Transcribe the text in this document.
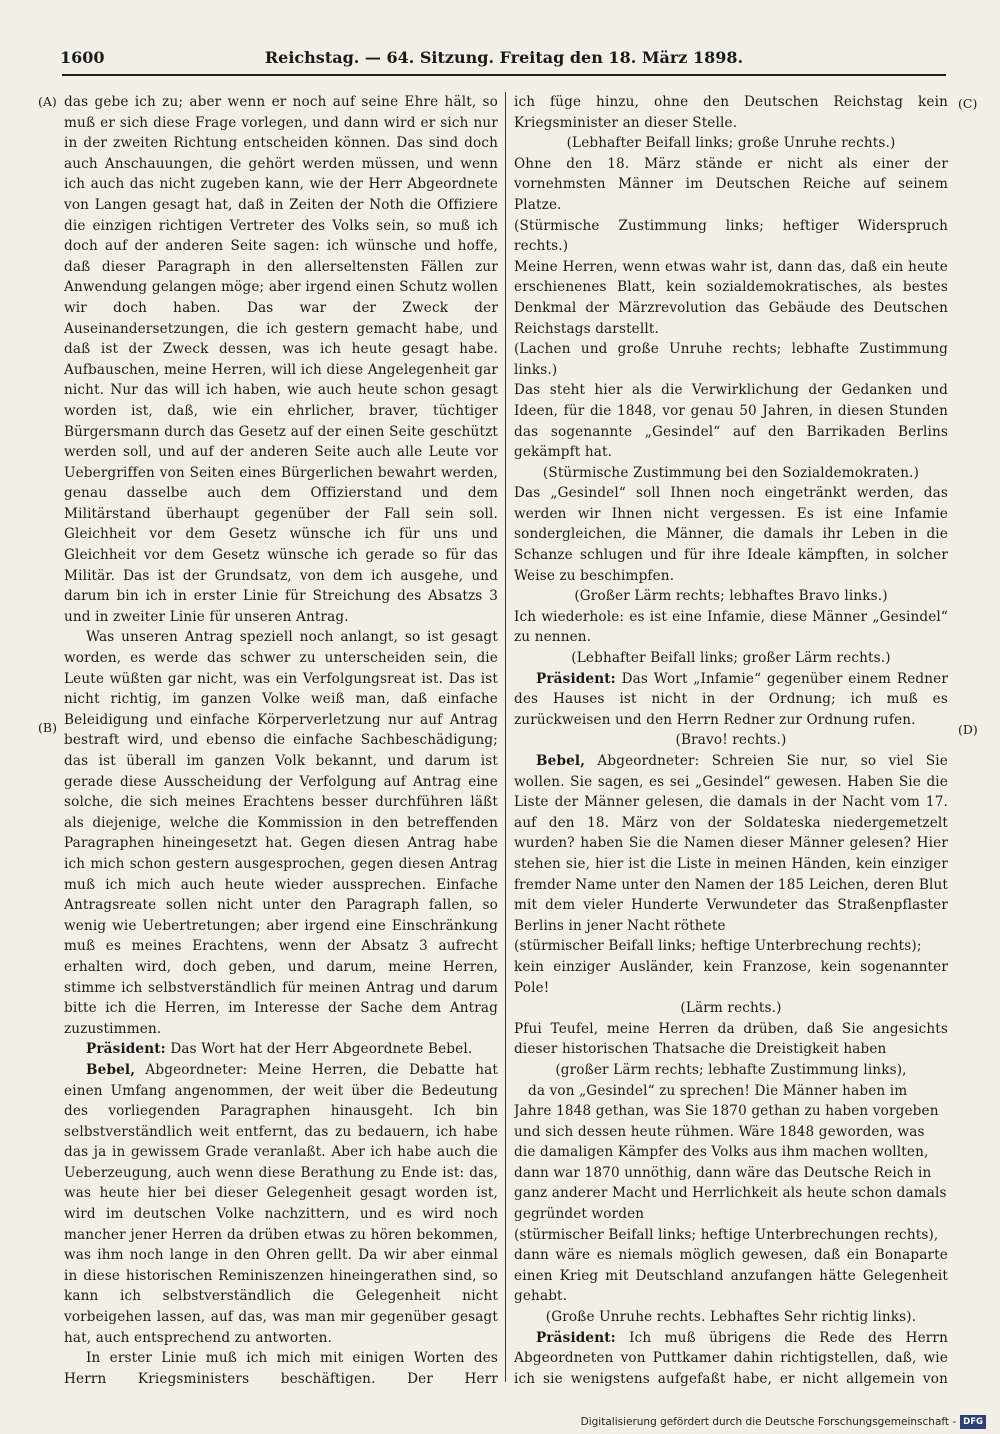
1600	Reichstag. — 64. Sitzung. Freitag den 18. März 1898.
(A)
(B)
(C)
(D)

das gebe ich zu; aber wenn er noch auf seine Ehre hält, so muß er sich diese Frage vorlegen, und dann wird er sich nur in der zweiten Richtung entscheiden können. Das sind doch auch Anschauungen, die gehört werden müssen, und wenn ich auch das nicht zugeben kann, wie der Herr Abgeordnete von Langen gesagt hat, daß in Zeiten der Noth die Offiziere die einzigen richtigen Vertreter des Volks sein, so muß ich doch auf der anderen Seite sagen: ich wünsche und hoffe, daß dieser Paragraph in den allerseltensten Fällen zur Anwendung gelangen möge; aber irgend einen Schutz wollen wir doch haben. Das war der Zweck der Auseinandersetzungen, die ich gestern gemacht habe, und daß ist der Zweck dessen, was ich heute gesagt habe. Aufbauschen, meine Herren, will ich diese Angelegenheit gar nicht. Nur das will ich haben, wie auch heute schon gesagt worden ist, daß, wie ein ehrlicher, braver, tüchtiger Bürgersmann durch das Gesetz auf der einen Seite geschützt werden soll, und auf der anderen Seite auch alle Leute vor Uebergriffen von Seiten eines Bürgerlichen bewahrt werden, genau dasselbe auch dem Offizierstand und dem Militärstand überhaupt gegenüber der Fall sein soll. Gleichheit vor dem Gesetz wünsche ich für uns und Gleichheit vor dem Gesetz wünsche ich gerade so für das Militär. Das ist der Grundsatz, von dem ich ausgehe, und darum bin ich in erster Linie für Streichung des Absatzs 3 und in zweiter Linie für unseren Antrag.

Was unseren Antrag speziell noch anlangt, so ist gesagt worden, es werde das schwer zu unterscheiden sein, die Leute wüßten gar nicht, was ein Verfolgungsreat ist. Das ist nicht richtig, im ganzen Volke weiß man, daß einfache Beleidigung und einfache Körperverletzung nur auf Antrag bestraft wird, und ebenso die einfache Sachbeschädigung; das ist überall im ganzen Volk bekannt, und darum ist gerade diese Ausscheidung der Verfolgung auf Antrag eine solche, die sich meines Erachtens besser durchführen läßt als diejenige, welche die Kommission in den betreffenden Paragraphen hineingesetzt hat. Gegen diesen Antrag habe ich mich schon gestern ausgesprochen, gegen diesen Antrag muß ich mich auch heute wieder aussprechen. Einfache Antragsreate sollen nicht unter den Paragraph fallen, so wenig wie Uebertretungen; aber irgend eine Einschränkung muß es meines Erachtens, wenn der Absatz 3 aufrecht erhalten wird, doch geben, und darum, meine Herren, stimme ich selbstverständlich für meinen Antrag und darum bitte ich die Herren, im Interesse der Sache dem Antrag zuzustimmen.

Präsident: Das Wort hat der Herr Abgeordnete Bebel.

Bebel, Abgeordneter: Meine Herren, die Debatte hat einen Umfang angenommen, der weit über die Bedeutung des vorliegenden Paragraphen hinausgeht. Ich bin selbstverständlich weit entfernt, das zu bedauern, ich habe das ja in gewissem Grade veranlaßt. Aber ich habe auch die Ueberzeugung, auch wenn diese Berathung zu Ende ist: das, was heute hier bei dieser Gelegenheit gesagt worden ist, wird im deutschen Volke nachzittern, und es wird noch mancher jener Herren da drüben etwas zu hören bekommen, was ihm noch lange in den Ohren gellt. Da wir aber einmal in diese historischen Reminiszenzen hineingerathen sind, so kann ich selbstverständlich die Gelegenheit nicht vorbeigehen lassen, auf das, was man mir gegenüber gesagt hat, auch entsprechend zu antworten.

In erster Linie muß ich mich mit einigen Worten des Herrn Kriegsministers beschäftigen. Der Herr

ich füge hinzu, ohne den Deutschen Reichstag kein Kriegsminister an dieser Stelle.

(Lebhafter Beifall links; große Unruhe rechts.)

Ohne den 18. März stände er nicht als einer der vornehmsten Männer im Deutschen Reiche auf seinem Platze.

(Stürmische Zustimmung links; heftiger Widerspruch rechts.)

Meine Herren, wenn etwas wahr ist, dann das, daß ein heute erschienenes Blatt, kein sozialdemokratisches, als bestes Denkmal der Märzrevolution das Gebäude des Deutschen Reichstags darstellt.

(Lachen und große Unruhe rechts; lebhafte Zustimmung links.)

Das steht hier als die Verwirklichung der Gedanken und Ideen, für die 1848, vor genau 50 Jahren, in diesen Stunden das sogenannte „Gesindel“ auf den Barrikaden Berlins gekämpft hat.

(Stürmische Zustimmung bei den Sozialdemokraten.)

Das „Gesindel“ soll Ihnen noch eingetränkt werden, das werden wir Ihnen nicht vergessen. Es ist eine Infamie sondergleichen, die Männer, die damals ihr Leben in die Schanze schlugen und für ihre Ideale kämpften, in solcher Weise zu beschimpfen.

(Großer Lärm rechts; lebhaftes Bravo links.)

Ich wiederhole: es ist eine Infamie, diese Männer „Gesindel“ zu nennen.

(Lebhafter Beifall links; großer Lärm rechts.)

Präsident: Das Wort „Infamie“ gegenüber einem Redner des Hauses ist nicht in der Ordnung; ich muß es zurückweisen und den Herrn Redner zur Ordnung rufen.

(Bravo! rechts.)

Bebel, Abgeordneter: Schreien Sie nur, so viel Sie wollen. Sie sagen, es sei „Gesindel“ gewesen. Haben Sie die Liste der Männer gelesen, die damals in der Nacht vom 17. auf den 18. März von der Soldateska niedergemetzelt wurden? haben Sie die Namen dieser Männer gelesen? Hier stehen sie, hier ist die Liste in meinen Händen, kein einziger fremder Name unter den Namen der 185 Leichen, deren Blut mit dem vieler Hunderte Verwundeter das Straßenpflaster Berlins in jener Nacht röthete

(stürmischer Beifall links; heftige Unterbrechung rechts);

kein einziger Ausländer, kein Franzose, kein sogenannter Pole!

(Lärm rechts.)

Pfui Teufel, meine Herren da drüben, daß Sie angesichts dieser historischen Thatsache die Dreistigkeit haben

(großer Lärm rechts; lebhafte Zustimmung links),

da von „Gesindel“ zu sprechen! Die Männer haben im Jahre 1848 gethan, was Sie 1870 gethan zu haben vorgeben und sich dessen heute rühmen. Wäre 1848 geworden, was die damaligen Kämpfer des Volks aus ihm machen wollten, dann war 1870 unnöthig, dann wäre das Deutsche Reich in ganz anderer Macht und Herrlichkeit als heute schon damals gegründet worden

(stürmischer Beifall links; heftige Unterbrechungen rechts),

dann wäre es niemals möglich gewesen, daß ein Bonaparte einen Krieg mit Deutschland anzufangen hätte Gelegenheit gehabt.

(Große Unruhe rechts. Lebhaftes Sehr richtig links).

Präsident: Ich muß übrigens die Rede des Herrn Abgeordneten von Puttkamer dahin richtigstellen, daß, wie ich sie wenigstens aufgefaßt habe, er nicht allgemein von

Digitalisierung gefördert durch die Deutsche Forschungsgemeinschaft - DFG
